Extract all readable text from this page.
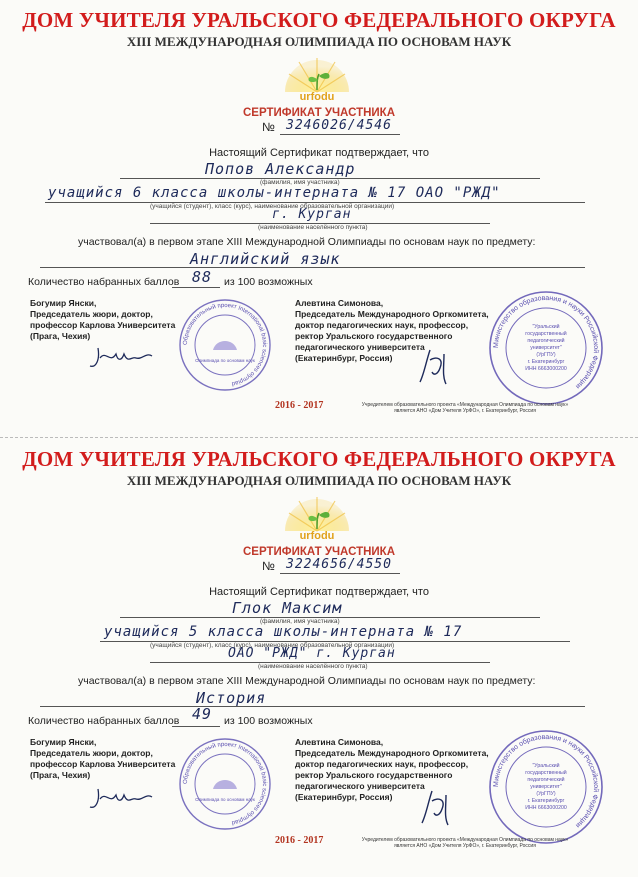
ДОМ УЧИТЕЛЯ УРАЛЬСКОГО ФЕДЕРАЛЬНОГО ОКРУГА
XIII МЕЖДУНАРОДНАЯ ОЛИМПИАДА ПО ОСНОВАМ НАУК
urfodu
СЕРТИФИКАТ УЧАСТНИКА
№ 3246026/4546
Настоящий Сертификат подтверждает, что
Попов Александр
(фамилия, имя участника)
учащийся 6 класса школы-интерната № 17 ОАО "РЖД"
(учащийся (студент), класс (курс), наименование образовательной организации)
г. Курган
(наименование населённого пункта)
участвовал(а) в первом этапе XIII Международной Олимпиады по основам наук по предмету:
Английский язык
Количество набранных баллов 88 из 100 возможных
Богумир Янски,
Председатель жюри, доктор,
профессор Карлова Университета
(Прага, Чехия)
Образовательный проект International basic sciences olympiad
Олимпиада по основам наук
Алевтина Симонова,
Председатель Международного Оргкомитета,
доктор педагогических наук, профессор,
ректор Уральского государственного
педагогического университета
(Екатеринбург, Россия)
Министерство образования и науки Российской Федерации
"Уральский
государственный
педагогический
университет"
(УрГПУ)
г. Екатеринбург
ИНН 6663000200
2016 - 2017	Учредителем образовательного проекта «Международная Олимпиада по основам наук»
является АНО «Дом Учителя УрФО», г. Екатеринбург, Россия
ДОМ УЧИТЕЛЯ УРАЛЬСКОГО ФЕДЕРАЛЬНОГО ОКРУГА
XIII МЕЖДУНАРОДНАЯ ОЛИМПИАДА ПО ОСНОВАМ НАУК
urfodu
СЕРТИФИКАТ УЧАСТНИКА
№ 3224656/4550
Настоящий Сертификат подтверждает, что
Глок Максим
(фамилия, имя участника)
учащийся 5 класса школы-интерната № 17
(учащийся (студент), класс (курс), наименование образовательной организации)
ОАО "РЖД" г. Курган
(наименование населённого пункта)
участвовал(а) в первом этапе XIII Международной Олимпиады по основам наук по предмету:
История
Количество набранных баллов 49 из 100 возможных
Богумир Янски,
Председатель жюри, доктор,
профессор Карлова Университета
(Прага, Чехия)
Образовательный проект International basic sciences olympiad
Олимпиада по основам наук
Алевтина Симонова,
Председатель Международного Оргкомитета,
доктор педагогических наук, профессор,
ректор Уральского государственного
педагогического университета
(Екатеринбург, Россия)
Министерство образования и науки Российской Федерации
"Уральский
государственный
педагогический
университет"
(УрГПУ)
г. Екатеринбург
ИНН 6663000200
2016 - 2017	Учредителем образовательного проекта «Международная Олимпиада по основам наук»
является АНО «Дом Учителя УрФО», г. Екатеринбург, Россия
